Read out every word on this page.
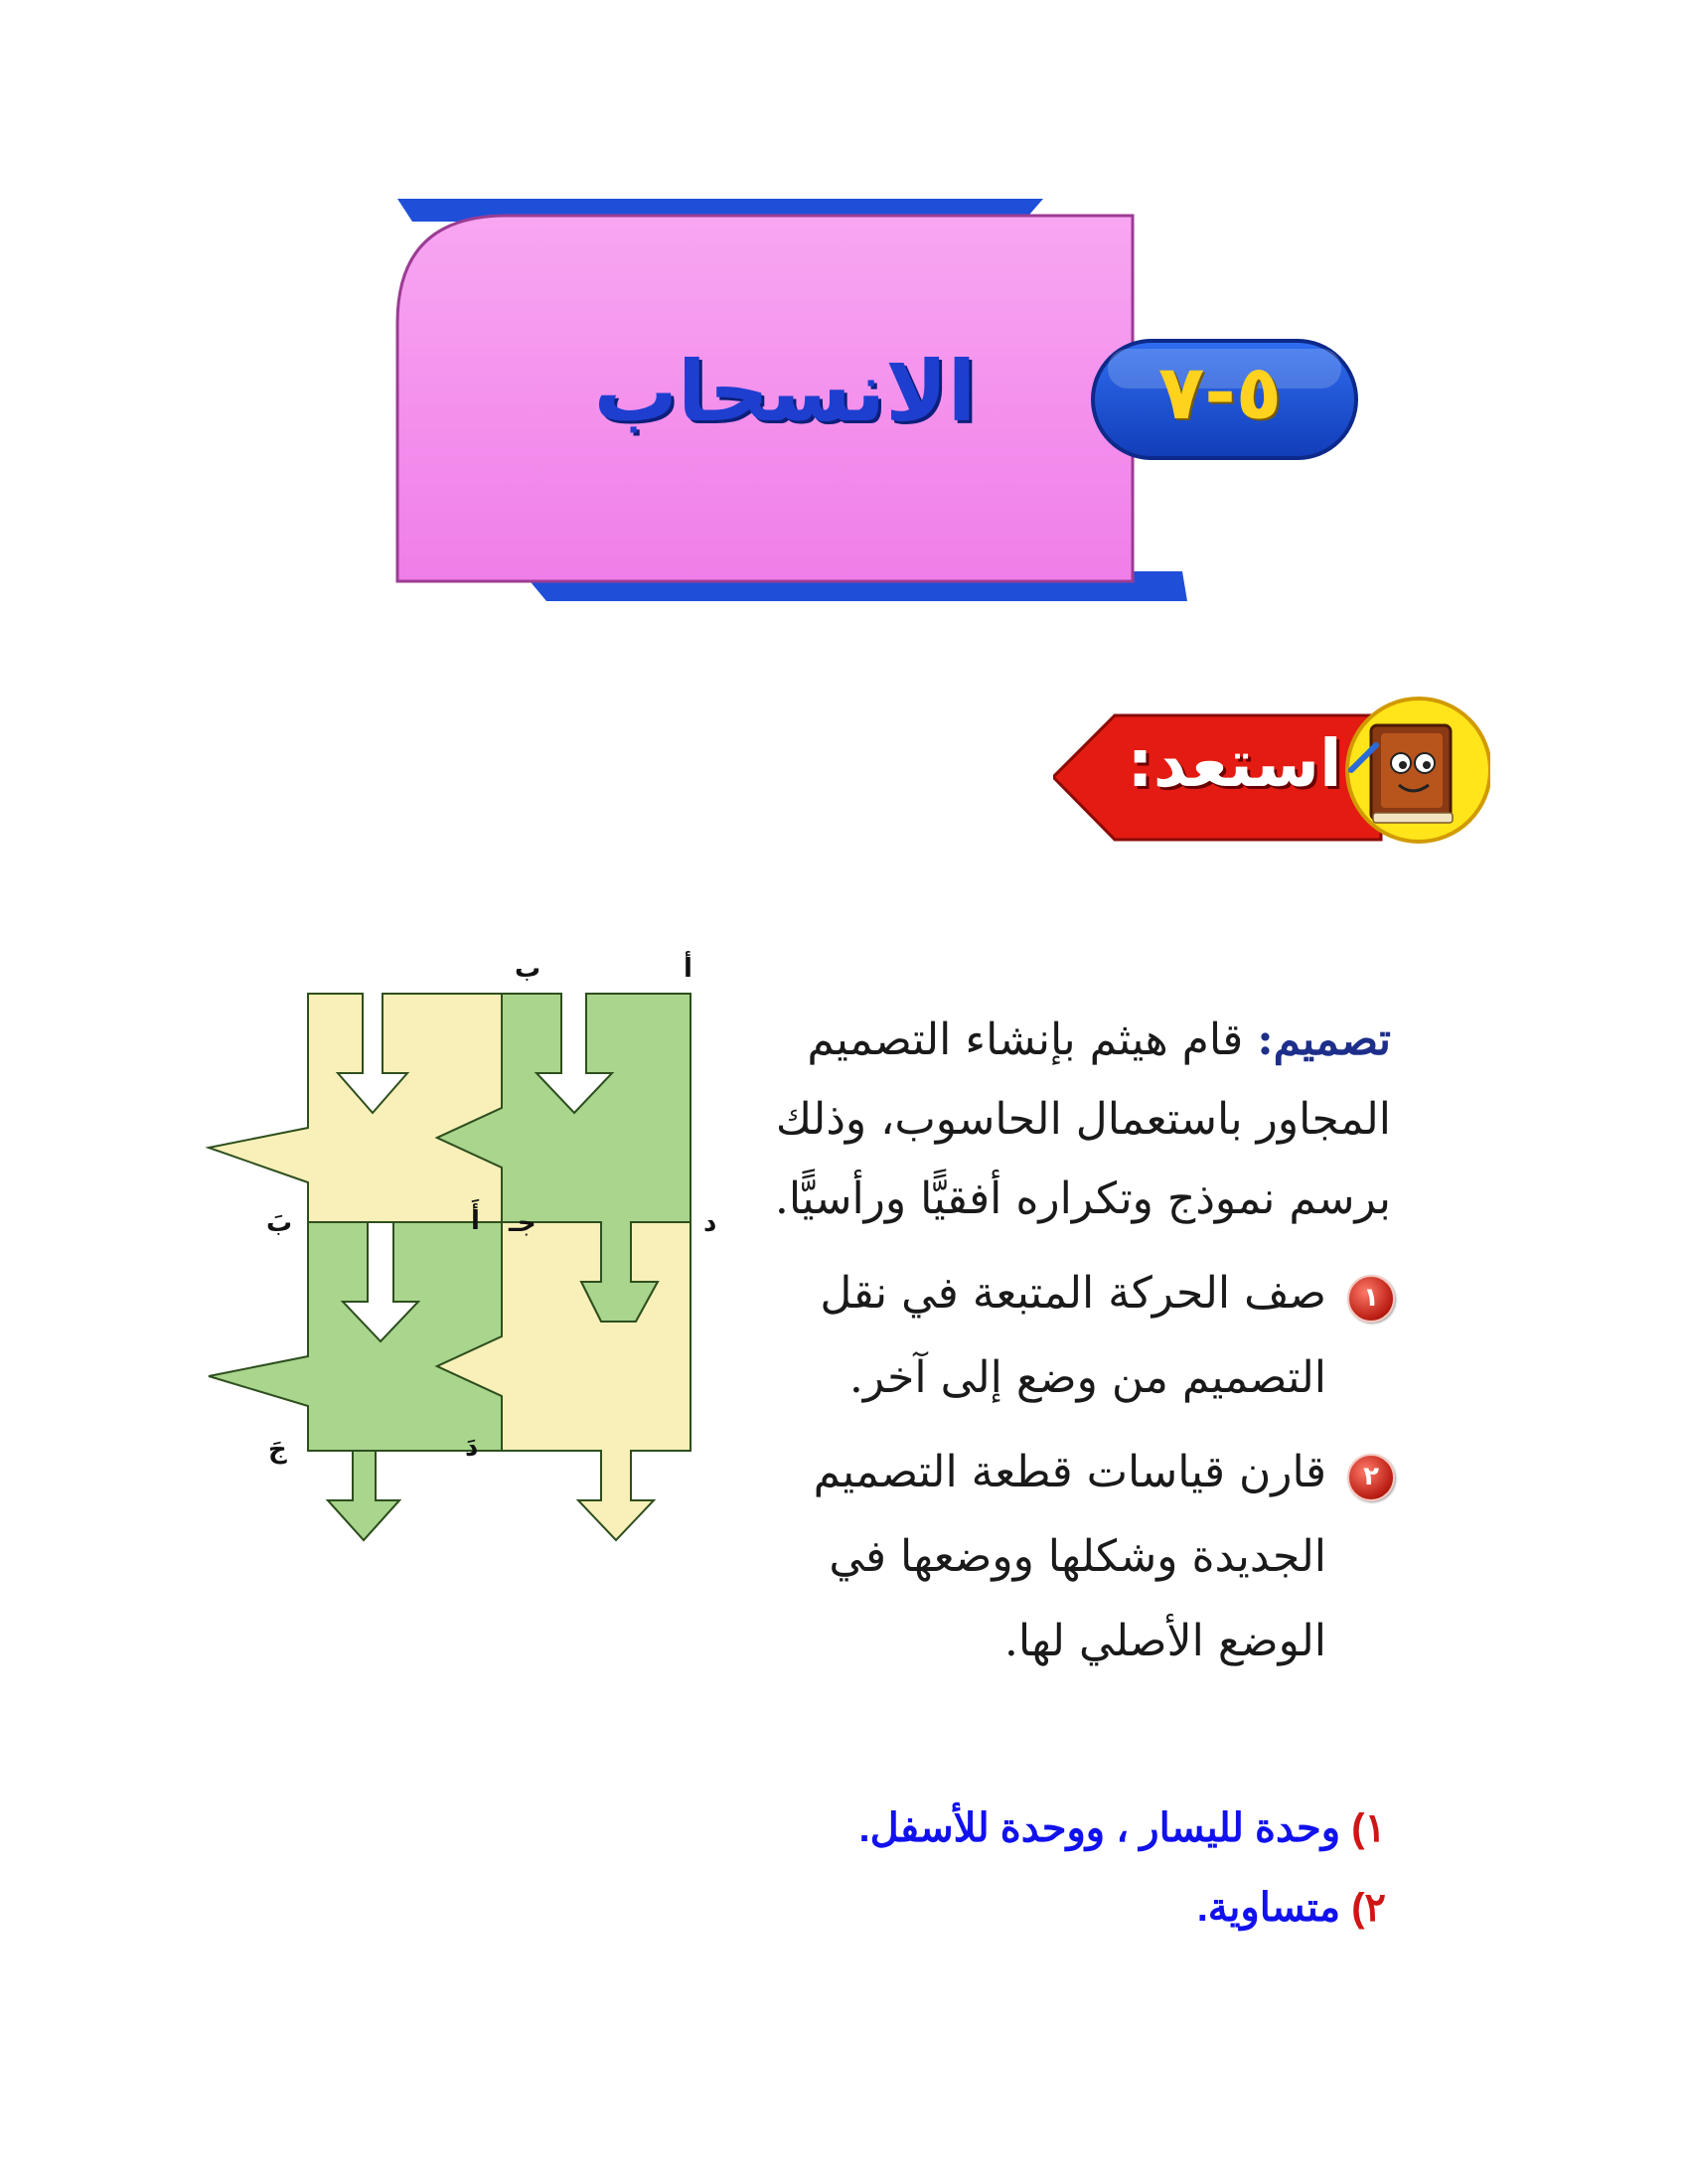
الانسحاب	٥-٧
استعد:
أ
ب
جـ	د
أَ
بَ
جَ	دَ
تصميم: قام هيثم بإنشاء التصميم
المجاور باستعمال الحاسوب، وذلك
برسم نموذج وتكراره أفقيًّا ورأسيًّا.
١
صف الحركة المتبعة في نقل
التصميم من وضع إلى آخر.
٢
قارن قياسات قطعة التصميم
الجديدة وشكلها ووضعها في
الوضع الأصلي لها.
١) وحدة لليسار ، ووحدة للأسفل.
٢) متساوية.
